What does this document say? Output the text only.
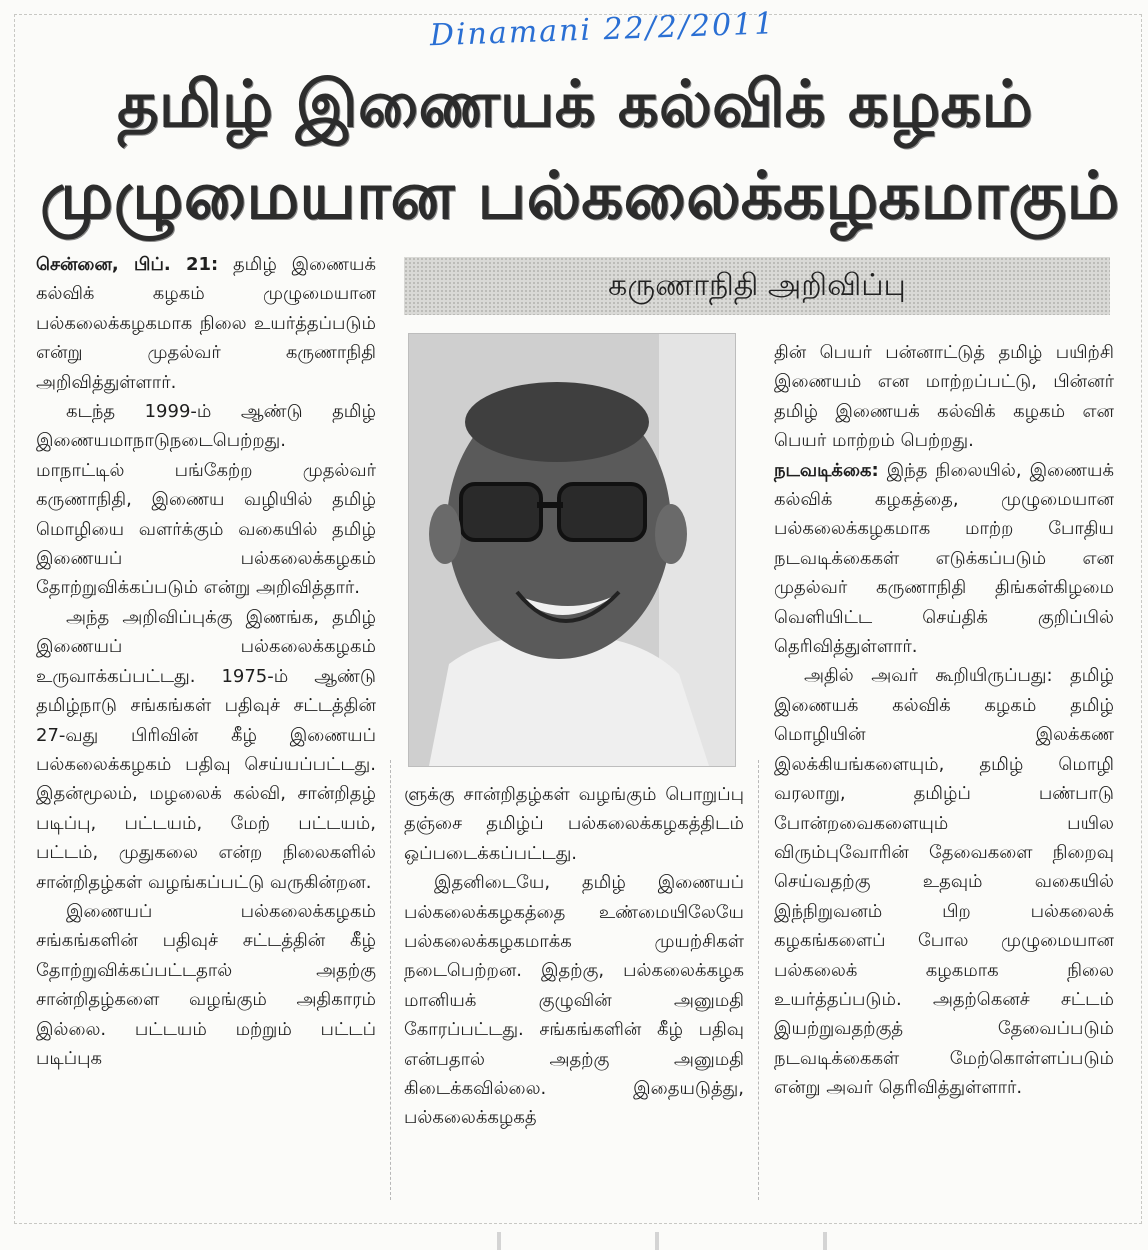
Dinamani 22/2/2011
தமிழ் இணையக் கல்விக் கழகம்
முழுமையான பல்கலைக்கழகமாகும்
கருணாநிதி அறிவிப்பு

சென்னை, பிப். 21: தமிழ் இணையக் கல்விக் கழகம் முழுமையான பல்கலைக்கழகமாக நிலை உயர்த்தப்படும் என்று முதல்வர் கருணாநிதி அறிவித்துள்ளார்.

கடந்த 1999-ம் ஆண்டு தமிழ் இணையமாநாடுநடைபெற்றது. மாநாட்டில் பங்கேற்ற முதல்வர் கருணாநிதி, இணைய வழியில் தமிழ் மொழியை வளர்க்கும் வகையில் தமிழ் இணையப் பல்கலைக்கழகம் தோற்றுவிக்கப்படும் என்று அறிவித்தார்.

அந்த அறிவிப்புக்கு இணங்க, தமிழ் இணையப் பல்கலைக்கழகம் உருவாக்கப்பட்டது. 1975-ம் ஆண்டு தமிழ்நாடு சங்கங்கள் பதிவுச் சட்டத்தின் 27-வது பிரிவின் கீழ் இணையப் பல்கலைக்கழகம் பதிவு செய்யப்பட்டது. இதன்மூலம், மழலைக் கல்வி, சான்றிதழ் படிப்பு, பட்டயம், மேற் பட்டயம், பட்டம், முதுகலை என்ற நிலைகளில் சான்றிதழ்கள் வழங்கப்பட்டு வருகின்றன.

இணையப் பல்கலைக்கழகம் சங்கங்களின் பதிவுச் சட்டத்தின் கீழ் தோற்றுவிக்கப்பட்டதால் அதற்கு சான்றிதழ்களை வழங்கும் அதிகாரம் இல்லை. பட்டயம் மற்றும் பட்டப் படிப்புக

ளுக்கு சான்றிதழ்கள் வழங்கும் பொறுப்பு தஞ்சை தமிழ்ப் பல்கலைக்கழகத்திடம் ஒப்படைக்கப்பட்டது.

இதனிடையே, தமிழ் இணையப் பல்கலைக்கழகத்தை உண்மையிலேயே பல்கலைக்கழகமாக்க முயற்சிகள் நடைபெற்றன. இதற்கு, பல்கலைக்கழக மானியக் குழுவின் அனுமதி கோரப்பட்டது. சங்கங்களின் கீழ் பதிவு என்பதால் அதற்கு அனுமதி கிடைக்கவில்லை. இதையடுத்து, பல்கலைக்கழகத்

தின் பெயர் பன்னாட்டுத் தமிழ் பயிற்சி இணையம் என மாற்றப்பட்டு, பின்னர் தமிழ் இணையக் கல்விக் கழகம் என பெயர் மாற்றம் பெற்றது.

நடவடிக்கை: இந்த நிலையில், இணையக் கல்விக் கழகத்தை, முழுமையான பல்கலைக்கழகமாக மாற்ற போதிய நடவடிக்கைகள் எடுக்கப்படும் என முதல்வர் கருணாநிதி திங்கள்கிழமை வெளியிட்ட செய்திக் குறிப்பில் தெரிவித்துள்ளார்.

அதில் அவர் கூறியிருப்பது: தமிழ் இணையக் கல்விக் கழகம் தமிழ் மொழியின் இலக்கண இலக்கியங்களையும், தமிழ் மொழி வரலாறு, தமிழ்ப் பண்பாடு போன்றவைகளையும் பயில விரும்புவோரின் தேவைகளை நிறைவு செய்வதற்கு உதவும் வகையில் இந்நிறுவனம் பிற பல்கலைக் கழகங்களைப் போல முழுமையான பல்கலைக் கழகமாக நிலை உயர்த்தப்படும். அதற்கெனச் சட்டம் இயற்றுவதற்குத் தேவைப்படும் நடவடிக்கைகள் மேற்கொள்ளப்படும் என்று அவர் தெரிவித்துள்ளார்.
